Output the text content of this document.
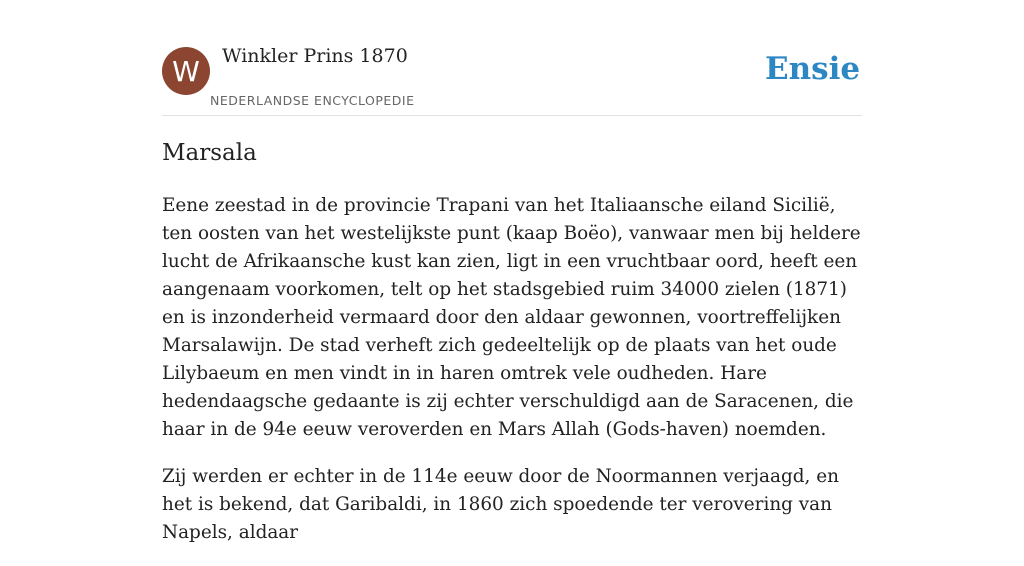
W	Winkler Prins 1870
NEDERLANDSE ENCYCLOPEDIE
Ensie
Marsala

Eene zeestad in de provincie Trapani van het Italiaansche eiland Sicilië, ten oosten van het westelijkste punt (kaap Boëo), vanwaar men bij heldere lucht de Afrikaansche kust kan zien, ligt in een vruchtbaar oord, heeft een aangenaam voorkomen, telt op het stadsgebied ruim 34000 zielen (1871) en is inzonderheid vermaard door den aldaar gewonnen, voortreffelijken Marsalawijn. De stad verheft zich gedeeltelijk op de plaats van het oude Lilybaeum en men vindt in in haren omtrek vele oudheden. Hare hedendaagsche gedaante is zij echter verschuldigd aan de Saracenen, die haar in de 94e eeuw veroverden en Mars Allah (Gods-haven) noemden.

Zij werden er echter in de 114e eeuw door de Noormannen verjaagd, en het is bekend, dat Garibaldi, in 1860 zich spoedende ter verovering van Napels, aldaar
